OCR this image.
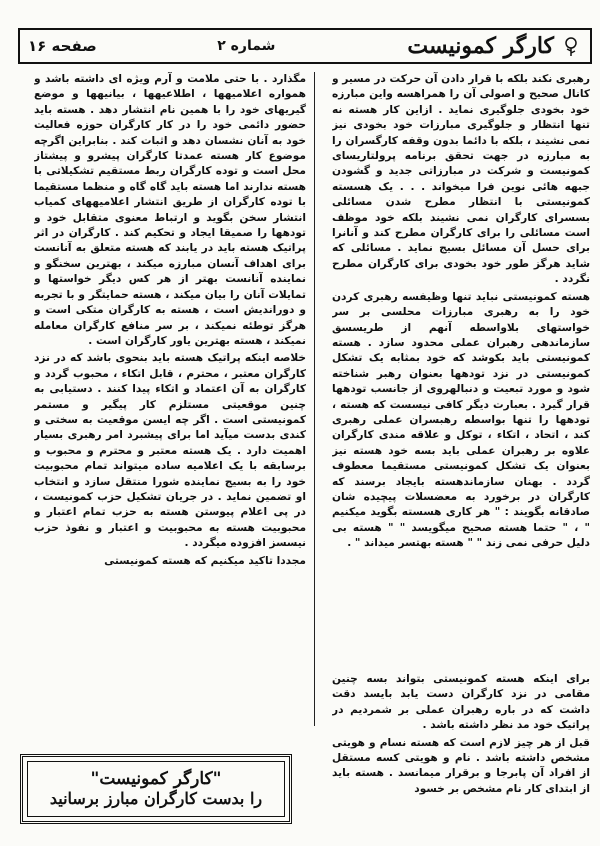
صفحه ۱۶	کارگر کمونیست
شماره ۲

رهبری نکند بلکه با قرار دادن آن حرکت در مسیر و کانال صحیح و اصولی آن را همراهسه واین مبارزه خود بخودی جلوگیری نماید . ازاین کار هسته نه تنها انتظار و جلوگیری مبارزات خود بخودی نیز نمی نشیند ، بلکه با دائما بدون وقفه کارگسران را به مبارزه در جهت تحقق برنامه پرولتاریسای کمونیست و شرکت در مبارزاتی جدید و گشودن جبهه هائی نوین فرا میخواند . . . یک هسسته کمونیستی با انتظار مطرح شدن مسائلی بسسرای کارگران نمی نشیند بلکه خود موظف است مسائلی را برای کارگران مطرح کند و آنانرا برای حسل آن مسائل بسیج نماید . مسائلی که شاید هرگز طور خود بخودی برای کارگران مطرح نگردد .

هسته کمونیستی نباید تنها وظیفسه رهبری کردن خود را به رهبری مبارزات محلسی بر سر خواستهای بلاواسطه آنهم از طریسسق سازماندهی رهبران عملی محدود سازد . هسته کمونیستی باید بکوشد که خود بمثابه یک تشکل کمونیستی در نزد تودهها بعنوان رهبر شناخته شود و مورد تبعیت و دنبالهروی از جانسب تودهها قرار گیرد . بعبارت دیگر کافی نیسست که هسته ، تودهها را تنها بواسطه رهبسران عملی رهبری کند ، اتحاد ، اتکاء ، توکل و علاقه مندی کارگران علاوه بر رهبران عملی باید بسه خود هسته نیز بعنوان یک تشکل کمونیستی مستقیما معطوف گردد . بهنان سازماندهسته بایجاد برسند که کارگران در برخورد به معضسلات پیچیده شان صادقانه بگویند : " هر کاری هسسته بگوید میکنیم " ، " حتما هسته صحیح میگویسد " " هسته بی دلیل حرفی نمی زند " " هسته بهتسر میداند " .

مگذارد . با حتی ملامت و آرم ویژه ای داشته باشد و همواره اعلامیهها ، اطلاعیهها ، بیانیهها و موضع گیریهای خود را با همین نام انتشار دهد . هسته باید حضور دائمی خود را در کار کارگران حوزه فعالیت خود به آنان نشسان دهد و اثبات کند . بنابراین اگرچه موضوع کار هسته عمدتا کارگران پیشرو و پیشتاز محل است و توده کارگران ربط مستقیم تشکیلاتی با هسته ندارند اما هسته باید گاه گاه و منظما مستقیما با توده کارگران از طریق انتشار اعلامیههای کمیاب انتشار سخن بگوید و ارتباط معنوی متقابل خود و تودهها را صمیقا ایجاد و تحکیم کند . کارگران در اثر پراتیک هسته باید در یابند که هسته متعلق به آنانست برای اهداف آنسان مبارزه میکند ، بهترین سخنگو و نماینده آنانست بهتر از هر کس دیگر خواستها و تمایلات آنان را بیان میکند ، هسته حمایتگر و با تجربه و دوراندیش است ، هسته به کارگران متکی است و هرگز توطئه نمیکند ، بر سر منافع کارگران معامله نمیکند ، هسته بهترین یاور کارگران است .

خلاصه اینکه پراتیک هسته باید بنحوی باشد که در نزد کارگران معتبر ، محترم ، قابل اتکاء ، محبوب گردد و کارگران به آن اعتماد و اتکاء پیدا کنند . دستیابی به چنین موقعیتی مستلزم کار پیگیر و مستمر کمونیستی است . اگر چه ایسن موقعیت به سختی و کندی بدست میآید اما برای پیشبرد امر رهبری بسیار اهمیت دارد . یک هسته معتبر و محترم و محبوب و برسابقه با یک اعلامیه ساده میتواند تمام محبوبیت خود را به بسیج نماینده شورا منتقل سازد و انتخاب او تضمین نماید . در جریان تشکیل حزب کمونیست ، در پی اعلام پیوستن هسته به حزب تمام اعتبار و محبوبیت هسته به محبوبیت و اعتبار و نفوذ حزب نیسسز افزوده میگردد .

مجددا تاکید میکنیم که هسته کمونیستی

برای اینکه هسته کمونیستی بتواند بسه چنین مقامی در نزد کارگران دست یابد بایسد دقت داشت که در باره رهبران عملی بر شمردیم در پراتیک خود مد نظر داشته باشد .

قبل از هر چیز لازم است که هسته نسام و هویتی مشخص داشته باشد . نام و هویتی کسه مستقل از افراد آن پابرجا و برقرار میمانسد . هسته باید از ابتدای کار نام مشخص بر خسود

"کارگر کمونیست"
را بدست کارگران مبارز برسانید
